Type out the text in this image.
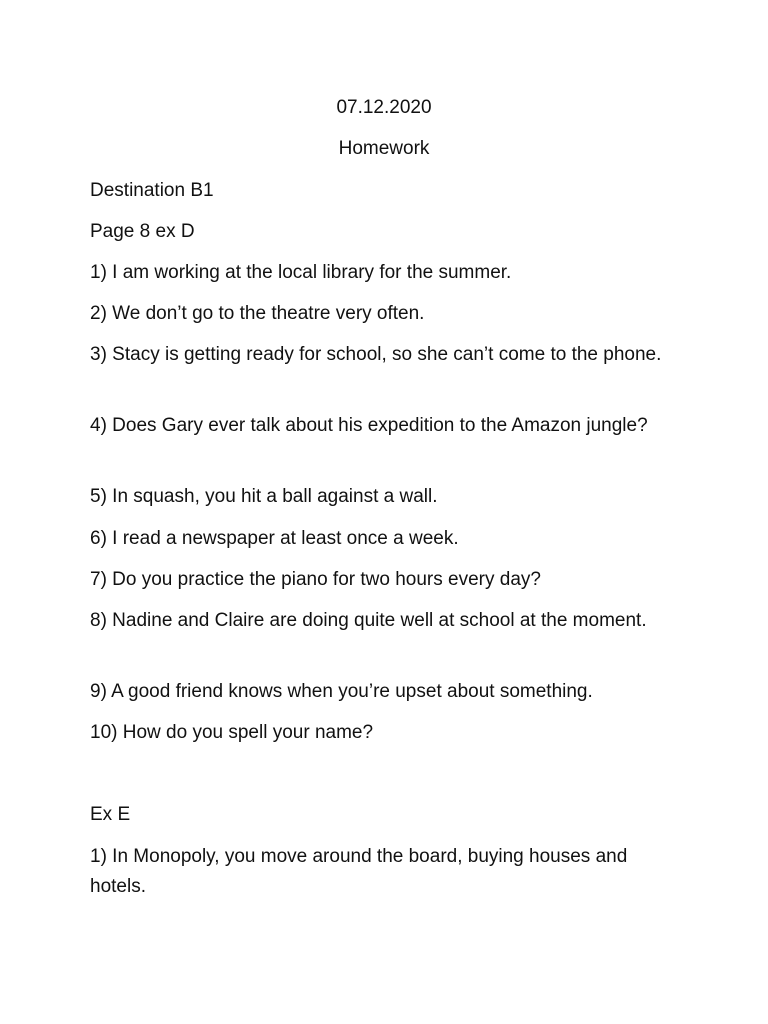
07.12.2020
Homework
Destination B1
Page 8 ex D
1) I am working at the local library for the summer.
2) We don’t go to the theatre very often.
3) Stacy is getting ready for school, so she can’t come to the phone.
4) Does Gary ever talk about his expedition to the Amazon jungle?
5) In squash, you hit a ball against a wall.
6) I read a newspaper at least once a week.
7) Do you practice the piano for two hours every day?
8) Nadine and Claire are doing quite well at school at the moment.
9) A good friend knows when you’re upset about something.
10) How do you spell your name?
Ex E
1) In Monopoly, you move around the board, buying houses and hotels.
